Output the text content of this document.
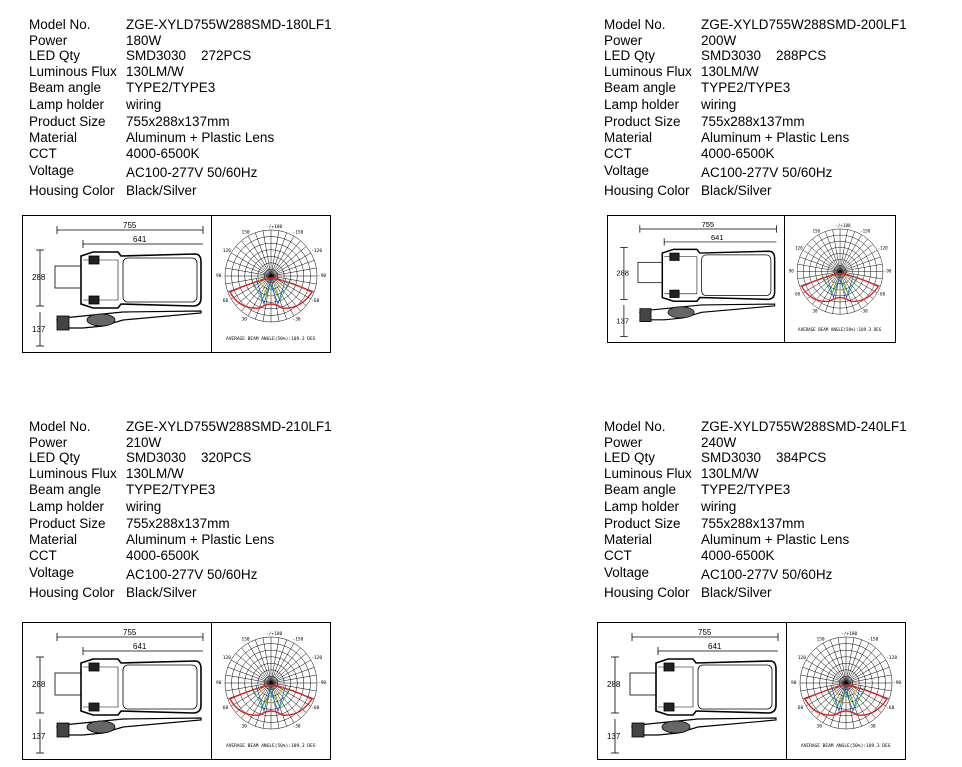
Model No.	ZGE-XYLD755W288SMD-180LF1
Power	180W
LED Qty	SMD3030    272PCS
Luminous Flux 130LM/W
Beam angle TYPE2/TYPE3
Lamp holder wiring
Product Size 755x288x137mm
Material	Aluminum + Plastic Lens
CCT	4000-6500K
Voltage	AC100-277V 50/60Hz
Housing Color Black/Silver
755
641
288
137
-/+180
-150
150
-120
120
-90
90
-60
60
-30
30
AVERAGE BEAM ANGLE(50%):109.3 DEG
Model No.	ZGE-XYLD755W288SMD-200LF1
Power	200W
LED Qty	SMD3030    288PCS
Luminous Flux 130LM/W
Beam angle TYPE2/TYPE3
Lamp holder wiring
Product Size 755x288x137mm
Material	Aluminum + Plastic Lens
CCT	4000-6500K
Voltage	AC100-277V 50/60Hz
Housing Color Black/Silver
755
641
288
137
-/+180
-150
150
-120
120
-90
90
-60
60
-30
30
AVERAGE BEAM ANGLE(50%):109.3 DEG
Model No.	ZGE-XYLD755W288SMD-210LF1
Power	210W
LED Qty	SMD3030    320PCS
Luminous Flux 130LM/W
Beam angle TYPE2/TYPE3
Lamp holder wiring
Product Size 755x288x137mm
Material	Aluminum + Plastic Lens
CCT	4000-6500K
Voltage	AC100-277V 50/60Hz
Housing Color Black/Silver
755
641
288
137
-/+180
-150
150
-120
120
-90
90
-60
60
-30
30
AVERAGE BEAM ANGLE(50%):109.3 DEG
Model No.	ZGE-XYLD755W288SMD-240LF1
Power	240W
LED Qty	SMD3030    384PCS
Luminous Flux 130LM/W
Beam angle TYPE2/TYPE3
Lamp holder wiring
Product Size 755x288x137mm
Material	Aluminum + Plastic Lens
CCT	4000-6500K
Voltage	AC100-277V 50/60Hz
Housing Color Black/Silver
755
641
288
137
-/+180
-150
150
-120
120
-90
90
-60
60
-30
30
AVERAGE BEAM ANGLE(50%):109.3 DEG
